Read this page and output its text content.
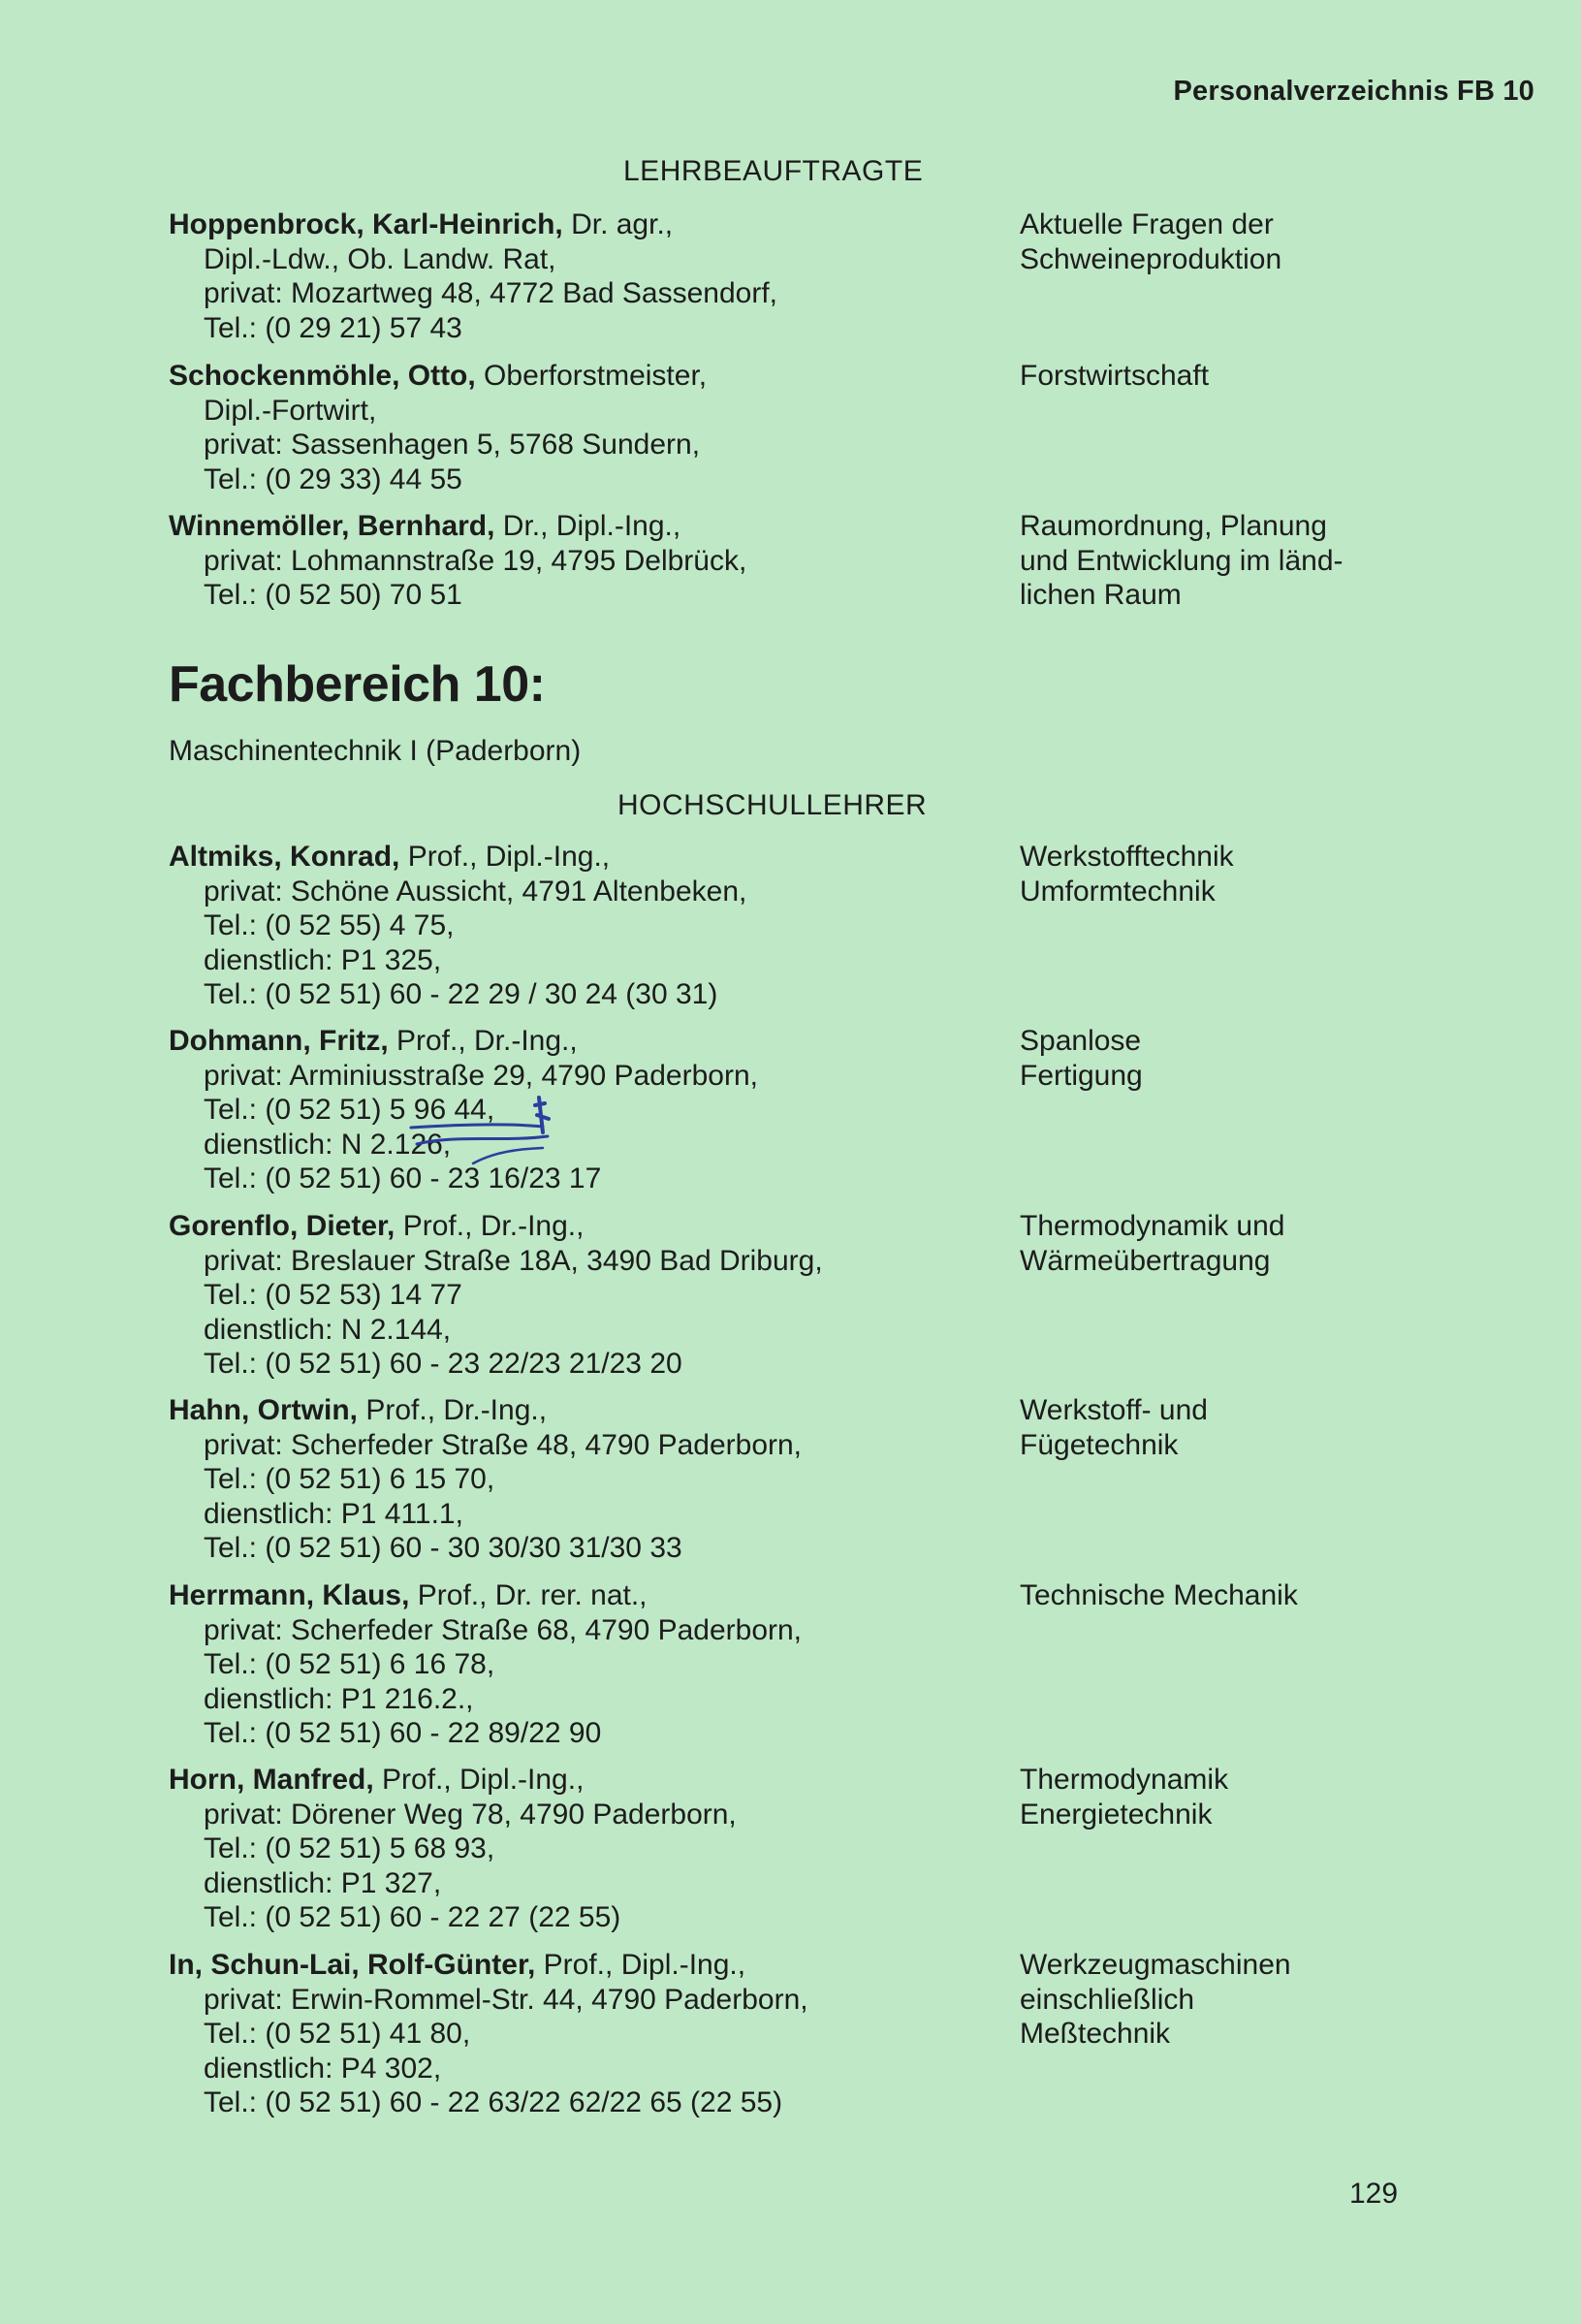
Personalverzeichnis FB 10
LEHRBEAUFTRAGTE
Hoppenbrock, Karl-Heinrich, Dr. agr.,
Dipl.-Ldw., Ob. Landw. Rat,
privat: Mozartweg 48, 4772 Bad Sassendorf,
Tel.: (0 29 21) 57 43
Aktuelle Fragen der
Schweineproduktion
Schockenmöhle, Otto, Oberforstmeister,
Dipl.-Fortwirt,
privat: Sassenhagen 5, 5768 Sundern,
Tel.: (0 29 33) 44 55
Forstwirtschaft
Winnemöller, Bernhard, Dr., Dipl.-Ing.,
privat: Lohmannstraße 19, 4795 Delbrück,
Tel.: (0 52 50) 70 51
Raumordnung, Planung
und Entwicklung im länd-
lichen Raum
Fachbereich 10:
Maschinentechnik I (Paderborn)
HOCHSCHULLEHRER
Altmiks, Konrad, Prof., Dipl.-Ing.,
privat: Schöne Aussicht, 4791 Altenbeken,
Tel.: (0 52 55) 4 75,
dienstlich: P1 325,
Tel.: (0 52 51) 60 - 22 29 / 30 24 (30 31)
Werkstofftechnik
Umformtechnik
Dohmann, Fritz, Prof., Dr.-Ing.,
privat: Arminiusstraße 29, 4790 Paderborn,
Tel.: (0 52 51) 5 96 44,
dienstlich: N 2.126,
Tel.: (0 52 51) 60 - 23 16/23 17
Spanlose
Fertigung
Gorenflo, Dieter, Prof., Dr.-Ing.,
privat: Breslauer Straße 18A, 3490 Bad Driburg,
Tel.: (0 52 53) 14 77
dienstlich: N 2.144,
Tel.: (0 52 51) 60 - 23 22/23 21/23 20
Thermodynamik und
Wärmeübertragung
Hahn, Ortwin, Prof., Dr.-Ing.,
privat: Scherfeder Straße 48, 4790 Paderborn,
Tel.: (0 52 51) 6 15 70,
dienstlich: P1 411.1,
Tel.: (0 52 51) 60 - 30 30/30 31/30 33
Werkstoff- und
Fügetechnik
Herrmann, Klaus, Prof., Dr. rer. nat.,
privat: Scherfeder Straße 68, 4790 Paderborn,
Tel.: (0 52 51) 6 16 78,
dienstlich: P1 216.2.,
Tel.: (0 52 51) 60 - 22 89/22 90
Technische Mechanik
Horn, Manfred, Prof., Dipl.-Ing.,
privat: Dörener Weg 78, 4790 Paderborn,
Tel.: (0 52 51) 5 68 93,
dienstlich: P1 327,
Tel.: (0 52 51) 60 - 22 27 (22 55)
Thermodynamik
Energietechnik
In, Schun-Lai, Rolf-Günter, Prof., Dipl.-Ing.,
privat: Erwin-Rommel-Str. 44, 4790 Paderborn,
Tel.: (0 52 51) 41 80,
dienstlich: P4 302,
Tel.: (0 52 51) 60 - 22 63/22 62/22 65 (22 55)
Werkzeugmaschinen
einschließlich
Meßtechnik
129
